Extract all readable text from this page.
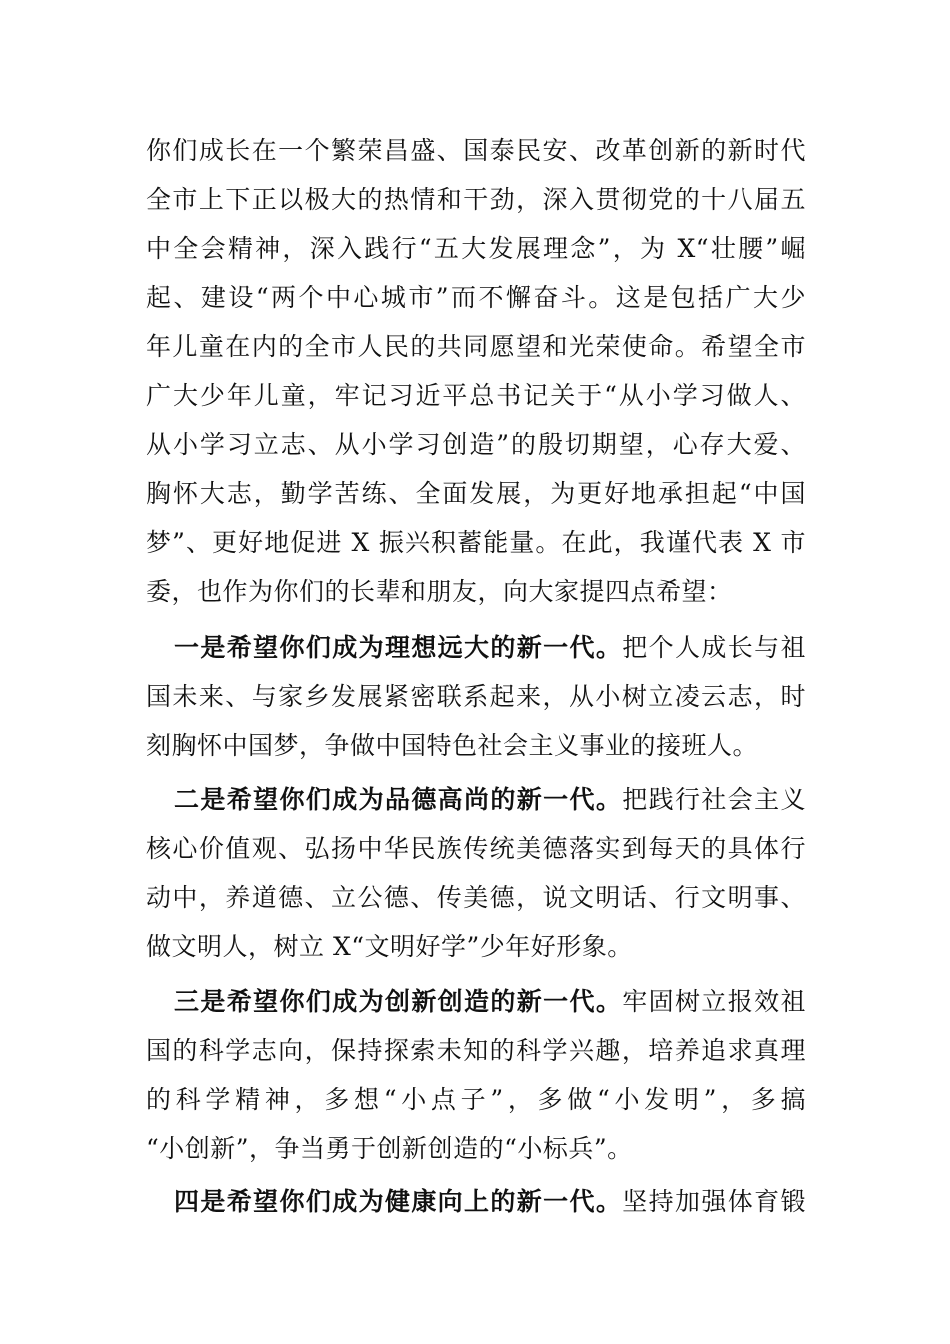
你们成长在一个繁荣昌盛、国泰民安、改革创新的新时代
全市上下正以极大的热情和干劲，深入贯彻党的十八届五
中全会精神，深入践行“五大发展理念”，为 X“壮腰”崛
起、建设“两个中心城市”而不懈奋斗。这是包括广大少
年儿童在内的全市人民的共同愿望和光荣使命。希望全市
广大少年儿童，牢记习近平总书记关于“从小学习做人、
从小学习立志、从小学习创造”的殷切期望，心存大爱、
胸怀大志，勤学苦练、全面发展，为更好地承担起“中国
梦”、更好地促进 X 振兴积蓄能量。在此，我谨代表 X 市
委，也作为你们的长辈和朋友，向大家提四点希望：
一是希望你们成为理想远大的新一代。把个人成长与祖
国未来、与家乡发展紧密联系起来，从小树立凌云志，时
刻胸怀中国梦，争做中国特色社会主义事业的接班人。
二是希望你们成为品德高尚的新一代。把践行社会主义
核心价值观、弘扬中华民族传统美德落实到每天的具体行
动中，养道德、立公德、传美德，说文明话、行文明事、
做文明人，树立 X“文明好学”少年好形象。
三是希望你们成为创新创造的新一代。牢固树立报效祖
国的科学志向，保持探索未知的科学兴趣，培养追求真理
的科学精神，多想“小点子”，多做“小发明”，多搞
“小创新”，争当勇于创新创造的“小标兵”。
四是希望你们成为健康向上的新一代。坚持加强体育锻
